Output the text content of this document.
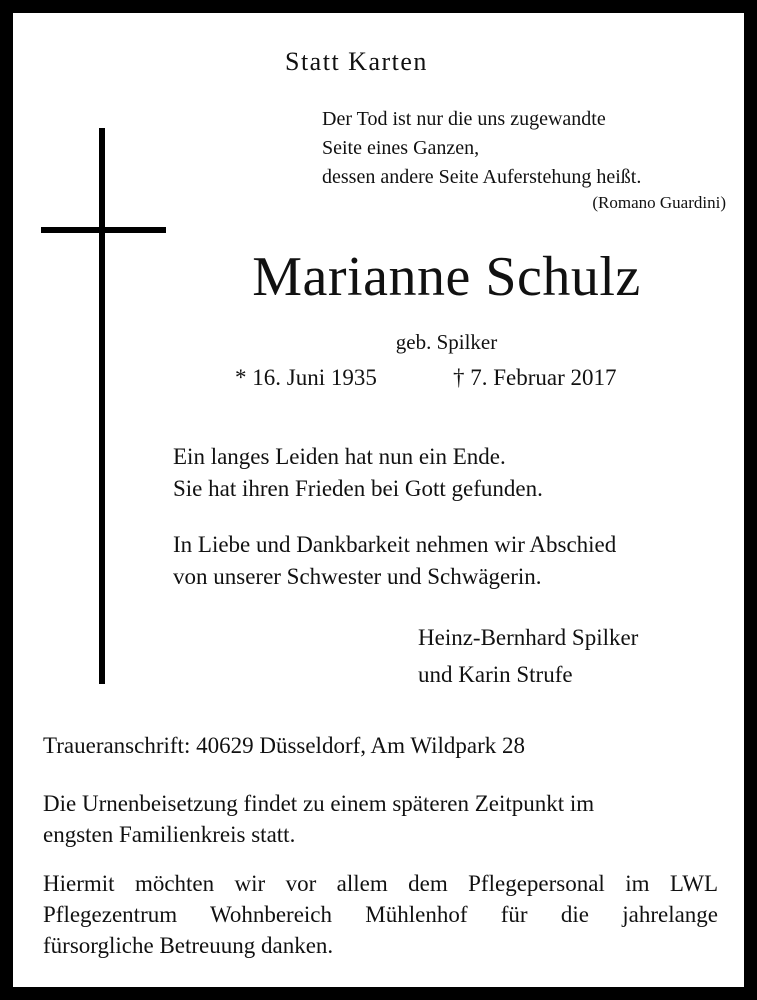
Statt Karten
Der Tod ist nur die uns zugewandte
Seite eines Ganzen,
dessen andere Seite Auferstehung heißt.
(Romano Guardini)
Marianne Schulz
geb. Spilker
* 16. Juni 1935	† 7. Februar 2017
Ein langes Leiden hat nun ein Ende.
Sie hat ihren Frieden bei Gott gefunden.
In Liebe und Dankbarkeit nehmen wir Abschied
von unserer Schwester und Schwägerin.
Heinz-Bernhard Spilker
und Karin Strufe
Traueranschrift: 40629 Düsseldorf, Am Wildpark 28
Die Urnenbeisetzung findet zu einem späteren Zeitpunkt im
engsten Familienkreis statt.
Hiermit möchten wir vor allem dem Pflegepersonal im LWL
Pflegezentrum Wohnbereich Mühlenhof für die jahrelange
fürsorgliche Betreuung danken.
